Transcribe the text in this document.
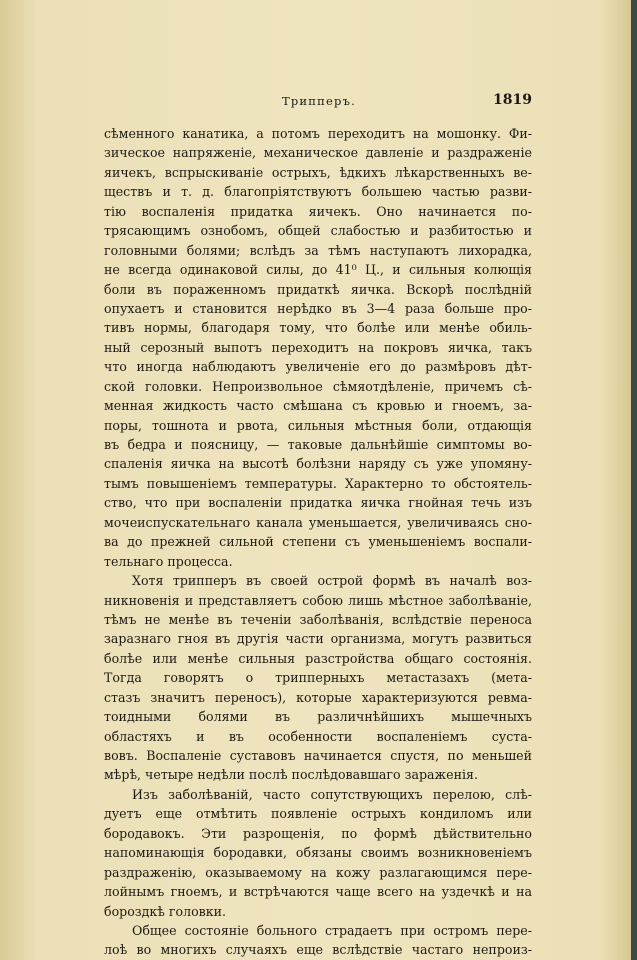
Трипперъ.	1819
сѣменного канатика, а потомъ переходитъ на мошонку. Фи-
зическое напряженіе, механическое давленіе и раздраженіе
яичекъ, вспрыскиваніе острыхъ, ѣдкихъ лѣкарственныхъ ве-
ществъ и т. д. благопріятствуютъ большею частью разви-
тію воспаленія придатка яичекъ. Оно начинается по-
трясающимъ ознобомъ, общей слабостью и разбитостью и
головными болями; вслѣдъ за тѣмъ наступаютъ лихорадка,
не всегда одинаковой силы, до 41⁰ Ц., и сильныя колющія
боли въ пораженномъ придаткѣ яичка. Вскорѣ послѣдній
опухаетъ и становится нерѣдко въ 3—4 раза больше про-
тивъ нормы, благодаря тому, что болѣе или менѣе обиль-
ный серозный выпотъ переходитъ на покровъ яичка, такъ
что иногда наблюдаютъ увеличеніе его до размѣровъ дѣт-
ской головки. Непроизвольное сѣмяотдѣленіе, причемъ сѣ-
менная жидкость часто смѣшана съ кровью и гноемъ, за-
поры, тошнота и рвота, сильныя мѣстныя боли, отдающія
въ бедра и поясницу, — таковые дальнѣйшіе симптомы во-
спаленія яичка на высотѣ болѣзни наряду съ уже упомяну-
тымъ повышеніемъ температуры. Характерно то обстоятель-
ство, что при воспаленіи придатка яичка гнойная течь изъ
мочеиспускательнаго канала уменьшается, увеличиваясь сно-
ва до прежней сильной степени съ уменьшеніемъ воспали-
тельнаго процесса.
Хотя трипперъ въ своей острой формѣ въ началѣ воз-
никновенія и представляетъ собою лишь мѣстное заболѣваніе,
тѣмъ не менѣе въ теченіи заболѣванія, вслѣдствіе переноса
заразнаго гноя въ другія части организма, могутъ развиться
болѣе или менѣе сильныя разстройства общаго состоянія.
Тогда говорятъ о трипперныхъ метастазахъ (мета-
стазъ значитъ переносъ), которые характеризуются ревма-
тоидными болями въ различнѣйшихъ мышечныхъ
областяхъ и въ особенности воспаленіемъ суста-
вовъ. Воспаленіе суставовъ начинается спустя, по меньшей
мѣрѣ, четыре недѣли послѣ послѣдовавшаго зараженія.
Изъ заболѣваній, часто сопутствующихъ перелою, слѣ-
дуетъ еще отмѣтить появленіе острыхъ кондиломъ или
бородавокъ. Эти разрощенія, по формѣ дѣйствительно
напоминающія бородавки, обязаны своимъ возникновеніемъ
раздраженію, оказываемому на кожу разлагающимся пере-
лойнымъ гноемъ, и встрѣчаются чаще всего на уздечкѣ и на
бороздкѣ головки.
Общее состояніе больного страдаетъ при остромъ пере-
лоѣ во многихъ случаяхъ еще вслѣдствіе частаго непроиз-
